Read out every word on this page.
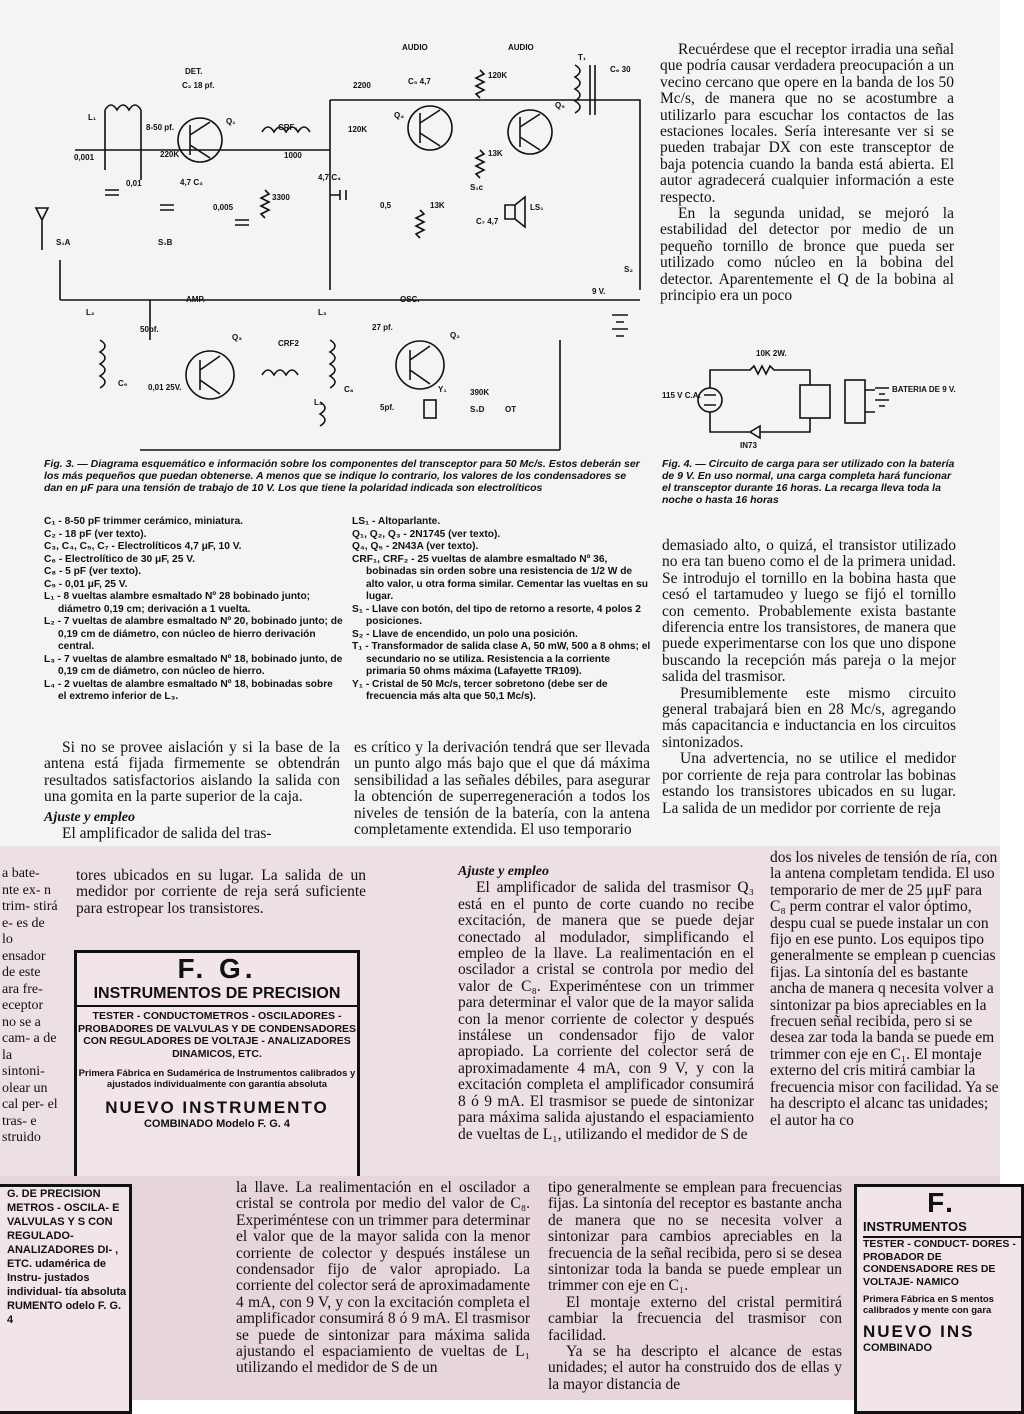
AUDIO	AUDIO
DET.
C₂ 18 pf.
Q₁
8-50 pf.
L₁
0,001
0,01
220K
4,7 C₃
0,005
3300
CRF₁
1000
4,7 C₄
2200	C₅ 4,7
Q₄
120K
120K
Q₅
13K
T₁
C₆ 30
0,5	13K
S₁c
LS₁
C₇ 4,7
S₁A	S₁B
S₂
9 V.
AMP.	OSC.
L₂
50pf.
Q₃
CRF2
L₃
27 pf.
Q₂
C₉	0,01 25V.
L₄
C₈
5pf.
Y₁	390K
S₁D	OT
Fig. 3. — Diagrama esquemático e información sobre los componentes del transceptor para 50 Mc/s. Estos deberán ser los más pequeños que puedan obtenerse. A menos que se indique lo contrario, los valores de los condensadores se dan en μF para una tensión de trabajo de 10 V. Los que tiene la polaridad indicada son electrolíticos
C₁ - 8-50 pF trimmer cerámico, miniatura.
C₂ - 18 pF (ver texto).
C₃, C₄, C₅, C₇ - Electrolíticos 4,7 μF, 10 V.
C₆ - Electrolítico de 30 μF, 25 V.
C₈ - 5 pF (ver texto).
C₉ - 0,01 μF, 25 V.
L₁ - 8 vueltas alambre esmaltado Nº 28 bobinado junto; diámetro 0,19 cm; derivación a 1 vuelta.
L₂ - 7 vueltas de alambre esmaltado Nº 20, bobinado junto; de 0,19 cm de diámetro, con núcleo de hierro derivación central.
L₃ - 7 vueltas de alambre esmaltado Nº 18, bobinado junto, de 0,19 cm de diámetro, con núcleo de hierro.
L₄ - 2 vueltas de alambre esmaltado Nº 18, bobinadas sobre el extremo inferior de L₃.
LS₁ - Altoparlante.
Q₁, Q₂, Q₃ - 2N1745 (ver texto).
Q₄, Q₅ - 2N43A (ver texto).
CRF₁, CRF₂ - 25 vueltas de alambre esmaltado Nº 36, bobinadas sin orden sobre una resistencia de 1/2 W de alto valor, u otra forma similar. Cementar las vueltas en su lugar.
S₁ - Llave con botón, del tipo de retorno a resorte, 4 polos 2 posiciones.
S₂ - Llave de encendido, un polo una posición.
T₁ - Transformador de salida clase A, 50 mW, 500 a 8 ohms; el secundario no se utiliza. Resistencia a la corriente primaria 50 ohms máxima (Lafayette TR109).
Y₁ - Cristal de 50 Mc/s, tercer sobretono (debe ser de frecuencia más alta que 50,1 Mc/s).

Recuérdese que el receptor irradia una señal que podría causar verdadera preocupación a un vecino cercano que opere en la banda de los 50 Mc/s, de manera que no se acostumbre a utilizarlo para escuchar los contactos de las estaciones locales. Sería interesante ver si se pueden trabajar DX con este transceptor de baja potencia cuando la banda está abierta. El autor agradecerá cualquier información a este respecto.

En la segunda unidad, se mejoró la estabilidad del detector por medio de un pequeño tornillo de bronce que pueda ser utilizado como núcleo en la bobina del detector. Aparentemente el Q de la bobina al principio era un poco

10K 2W.
115 V C.A.
IN73
BATERIA DE 9 V.
Fig. 4. — Circuito de carga para ser utilizado con la batería de 9 V. En uso normal, una carga completa hará funcionar el transceptor durante 16 horas. La recarga lleva toda la noche o hasta 16 horas

demasiado alto, o quizá, el transistor utilizado no era tan bueno como el de la primera unidad. Se introdujo el tornillo en la bobina hasta que cesó el tartamudeo y luego se fijó el tornillo con cemento. Probablemente exista bastante diferencia entre los transistores, de manera que puede experimentarse con los que uno dispone buscando la recepción más pareja o la mejor salida del trasmisor.

Presumiblemente este mismo circuito general trabajará bien en 28 Mc/s, agregando más capacitancia e inductancia en los circuitos sintonizados.

Una advertencia, no se utilice el medidor por corriente de reja para controlar las bobinas estando los transistores ubicados en su lugar. La salida de un medidor por corriente de reja

Si no se provee aislación y si la base de la antena está fijada firmemente se obtendrán resultados satisfactorios aislando la salida con una gomita en la parte superior de la caja.

Ajuste y empleo

El amplificador de salida del tras-

es crítico y la derivación tendrá que ser llevada un punto algo más bajo que el que dá máxima sensibilidad a las señales débiles, para asegurar la obtención de superregeneración a todos los niveles de tensión de la batería, con la antena completamente extendida. El uso temporario

a bate- nte ex- n trim- stirá e- es de lo ensador de este ara fre- eceptor no se a cam- a de la sintoni- olear un cal per- el tras- e struido

tores ubicados en su lugar. La salida de un medidor por corriente de reja será suficiente para estropear los transistores.

F. G.
INSTRUMENTOS DE PRECISION
TESTER - CONDUCTOMETROS - OSCILADORES - PROBADORES DE VALVULAS Y DE CONDENSADORES CON REGULADORES DE VOLTAJE - ANALIZADORES DINAMICOS, ETC.
Primera Fábrica en Sudamérica de Instrumentos calibrados y ajustados individualmente con garantía absoluta
NUEVO INSTRUMENTO
COMBINADO Modelo F. G. 4

Ajuste y empleo

El amplificador de salida del trasmisor Q₃ está en el punto de corte cuando no recibe excitación, de manera que se puede dejar conectado al modulador, simplificando el empleo de la llave. La realimentación en el oscilador a cristal se controla por medio del valor de C₈. Experiméntese con un trimmer para determinar el valor que de la mayor salida con la menor corriente de colector y después instálese un condensador fijo de valor apropiado. La corriente del colector será de aproximadamente 4 mA, con 9 V, y con la excitación completa el amplificador consumirá 8 ó 9 mA. El trasmisor se puede de sintonizar para máxima salida ajustando el espaciamiento de vueltas de L₁, utilizando el medidor de S de

dos los niveles de tensión de ría, con la antena completam tendida. El uso temporario de mer de 25 μμF para C₈ perm contrar el valor óptimo, despu cual se puede instalar un con fijo en ese punto. Los equipos tipo generalmente se emplean p cuencias fijas. La sintonía del es bastante ancha de manera q necesita volver a sintonizar pa bios apreciables en la frecuen señal recibida, pero si se desea zar toda la banda se puede em trimmer con eje en C₁. El montaje externo del cris mitirá cambiar la frecuencia misor con facilidad. Ya se ha descripto el alcanc tas unidades; el autor ha co

G. DE PRECISION METROS - OSCILA- E VALVULAS Y S CON REGULADO- ANALIZADORES DI- , ETC. udamérica de Instru- justados individual- tía absoluta RUMENTO odelo F. G. 4

la llave. La realimentación en el oscilador a cristal se controla por medio del valor de C₈. Experiméntese con un trimmer para determinar el valor que de la mayor salida con la menor corriente de colector y después instálese un condensador fijo de valor apropiado. La corriente del colector será de aproximadamente 4 mA, con 9 V, y con la excitación completa el amplificador consumirá 8 ó 9 mA. El trasmisor se puede de sintonizar para máxima salida ajustando el espaciamiento de vueltas de L₁ utilizando el medidor de S de un

tipo generalmente se emplean para frecuencias fijas. La sintonía del receptor es bastante ancha de manera que no se necesita volver a sintonizar para cambios apreciables en la frecuencia de la señal recibida, pero si se desea sintonizar toda la banda se puede emplear un trimmer con eje en C₁.

El montaje externo del cristal permitirá cambiar la frecuencia del trasmisor con facilidad.

Ya se ha descripto el alcance de estas unidades; el autor ha construido dos de ellas y la mayor distancia de

F.
INSTRUMENTOS
TESTER - CONDUCT- DORES - PROBADOR DE CONDENSADORE RES DE VOLTAJE- NAMICO
Primera Fábrica en S mentos calibrados y mente con gara
NUEVO INS
COMBINADO
